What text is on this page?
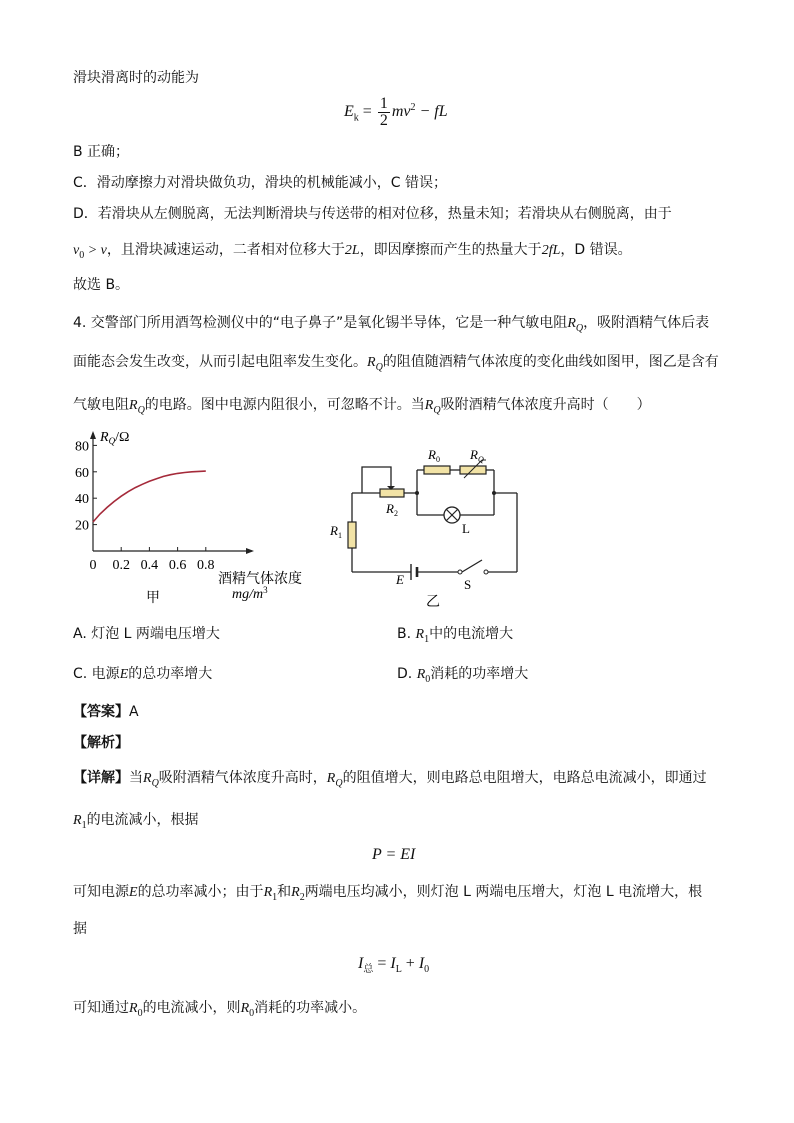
滑块滑离时的动能为
$E_k = \frac{1}{2} mv^2$ − fL
B 正确；
C．滑动摩擦力对滑块做负功，滑块的机械能减小，C 错误；
D．若滑块从左侧脱离，无法判断滑块与传送带的相对位移，热量未知；若滑块从右侧脱离，由于
$v_0 > v$，且滑块减速运动，二者相对位移大于2L，即因摩擦而产生的热量大于2fL，D 错误。
故选 B。
4. 交警部门所用酒驾检测仪中的“电子鼻子”是氧化锡半导体，它是一种气敏电阻$R_Q$，吸附酒精气体后表
面能态会发生改变，从而引起电阻率发生变化。$R_Q$的阻值随酒精气体浓度的变化曲线如图甲，图乙是含有
气敏电阻$R_Q$的电路。图中电源内阻很小，可忽略不计。当$R_Q$吸附酒精气体浓度升高时（　　）
0 0.2 0.4 0.6 0.8
20
40
60
80
$R_Q/\Omega$
酒精气体浓度
$mg/m^3$
甲
$R_0$ $R_Q$
$R_2$
$R_1$	L
E	S
乙
A. 灯泡 L 两端电压增大	B. $R_1$中的电流增大
C. 电源E的总功率增大	D. $R_0$消耗的功率增大
【答案】A
【解析】
【详解】当$R_Q$吸附酒精气体浓度升高时，$R_Q$的阻值增大，则电路总电阻增大，电路总电流减小，即通过
$R_1$的电流减小，根据
P = EI
可知电源E的总功率减小；由于$R_1$和$R_2$两端电压均减小，则灯泡 L 两端电压增大，灯泡 L 电流增大，根
据
$I_总 = I_L + I_0$
可知通过$R_0$的电流减小，则$R_0$消耗的功率减小。
